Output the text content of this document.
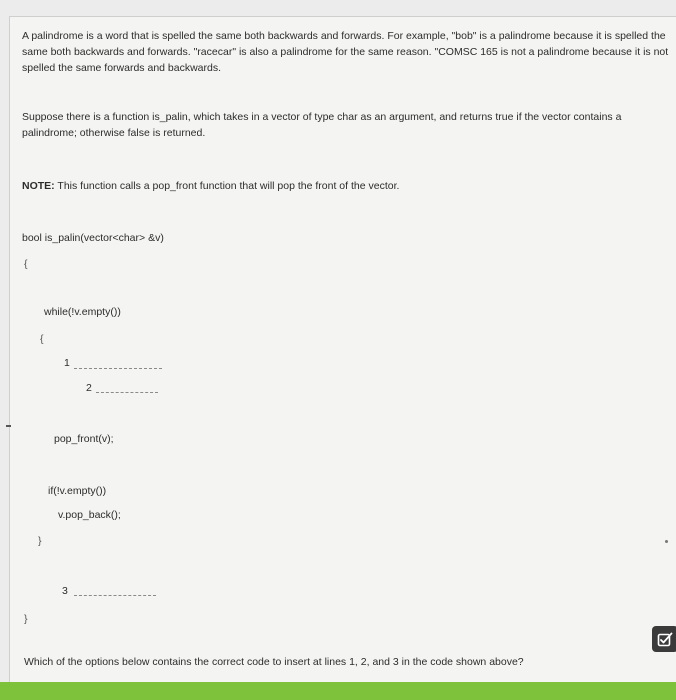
A palindrome is a word that is spelled the same both backwards and forwards. For example, "bob" is a palindrome because it is spelled the same both backwards and forwards. "racecar" is also a palindrome for the same reason. "COMSC 165 is not a palindrome because it is not spelled the same forwards and backwards.

Suppose there is a function is_palin, which takes in a vector of type char as an argument, and returns true if the vector contains a palindrome; otherwise false is returned.

NOTE: This function calls a pop_front function that will pop the front of the vector.

bool is_palin(vector<char> &v)
{
while(!v.empty())
{
1
2
pop_front(v);
if(!v.empty())
v.pop_back();
}
3
}
Which of the options below contains the correct code to insert at lines 1, 2, and 3 in the code shown above?
